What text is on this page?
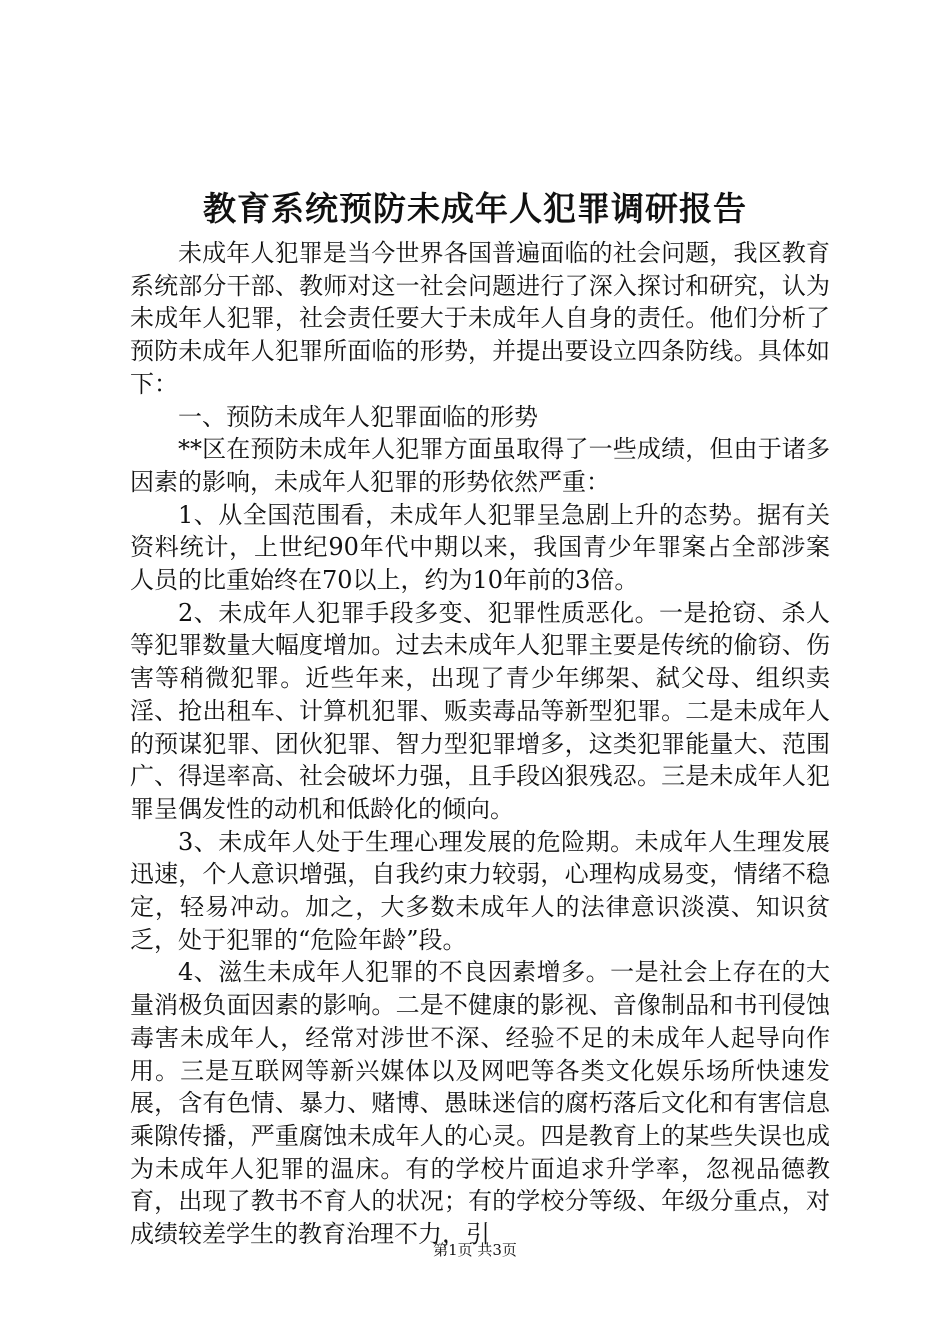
教育系统预防未成年人犯罪调研报告

未成年人犯罪是当今世界各国普遍面临的社会问题，我区教育系统部分干部、教师对这一社会问题进行了深入探讨和研究，认为未成年人犯罪，社会责任要大于未成年人自身的责任。他们分析了预防未成年人犯罪所面临的形势，并提出要设立四条防线。具体如下：

一、预防未成年人犯罪面临的形势

**区在预防未成年人犯罪方面虽取得了一些成绩，但由于诸多因素的影响，未成年人犯罪的形势依然严重：

1、从全国范围看，未成年人犯罪呈急剧上升的态势。据有关资料统计，上世纪90年代中期以来，我国青少年罪案占全部涉案人员的比重始终在70以上，约为10年前的3倍。

2、未成年人犯罪手段多变、犯罪性质恶化。一是抢窃、杀人等犯罪数量大幅度增加。过去未成年人犯罪主要是传统的偷窃、伤害等稍微犯罪。近些年来，出现了青少年绑架、弑父母、组织卖淫、抢出租车、计算机犯罪、贩卖毒品等新型犯罪。二是未成年人的预谋犯罪、团伙犯罪、智力型犯罪增多，这类犯罪能量大、范围广、得逞率高、社会破坏力强，且手段凶狠残忍。三是未成年人犯罪呈偶发性的动机和低龄化的倾向。

3、未成年人处于生理心理发展的危险期。未成年人生理发展迅速，个人意识增强，自我约束力较弱，心理构成易变，情绪不稳定，轻易冲动。加之，大多数未成年人的法律意识淡漠、知识贫乏，处于犯罪的“危险年龄”段。

4、滋生未成年人犯罪的不良因素增多。一是社会上存在的大量消极负面因素的影响。二是不健康的影视、音像制品和书刊侵蚀毒害未成年人，经常对涉世不深、经验不足的未成年人起导向作用。三是互联网等新兴媒体以及网吧等各类文化娱乐场所快速发展，含有色情、暴力、赌博、愚昧迷信的腐朽落后文化和有害信息乘隙传播，严重腐蚀未成年人的心灵。四是教育上的某些失误也成为未成年人犯罪的温床。有的学校片面追求升学率，忽视品德教育，出现了教书不育人的状况；有的学校分等级、年级分重点，对成绩较差学生的教育治理不力，引

第1页 共3页
